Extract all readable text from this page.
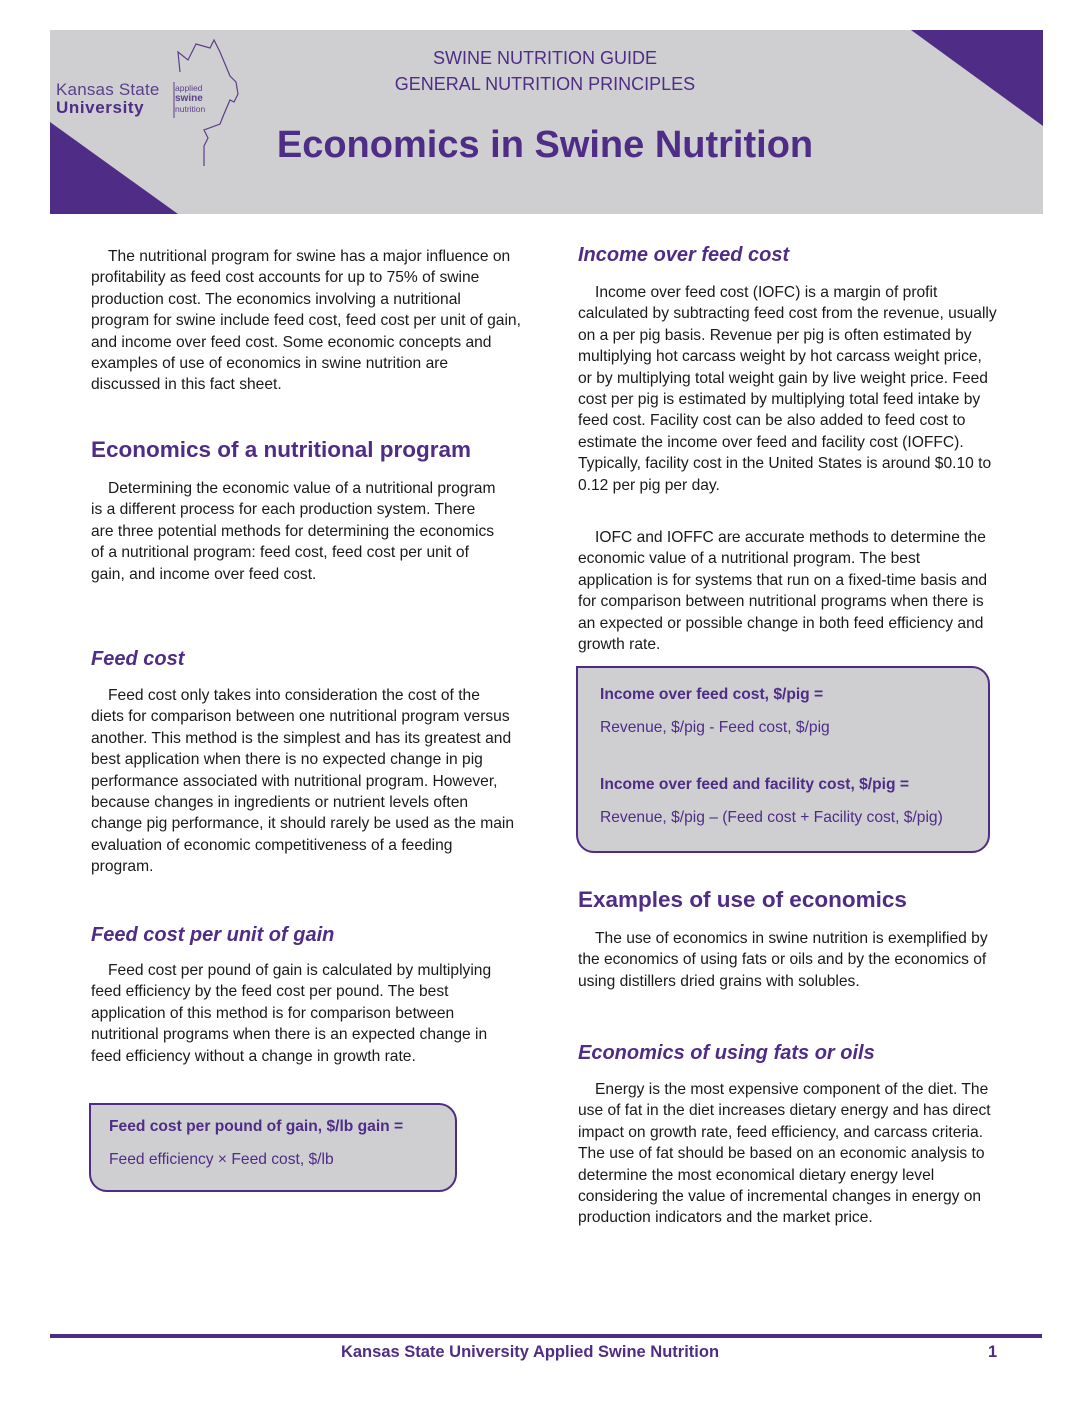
Kansas State
University
applied
swine
nutrition
SWINE NUTRITION GUIDE
GENERAL NUTRITION PRINCIPLES
Economics in Swine Nutrition

The nutritional program for swine has a major influence on profitability as feed cost accounts for up to 75% of swine production cost. The economics involving a nutritional program for swine include feed cost, feed cost per unit of gain, and income over feed cost. Some economic concepts and examples of use of economics in swine nutrition are discussed in this fact sheet.

Economics of a nutritional program

Determining the economic value of a nutritional program is a different process for each production system. There are three potential methods for determining the economics of a nutritional program: feed cost, feed cost per unit of gain, and income over feed cost.

Feed cost

Feed cost only takes into consideration the cost of the diets for comparison between one nutritional program versus another. This method is the simplest and has its greatest and best application when there is no expected change in pig performance associated with nutritional program. However, because changes in ingredients or nutrient levels often change pig performance, it should rarely be used as the main evaluation of economic competitiveness of a feeding program.

Feed cost per unit of gain

Feed cost per pound of gain is calculated by multiplying feed efficiency by the feed cost per pound. The best application of this method is for comparison between nutritional programs when there is an expected change in feed efficiency without a change in growth rate.

Feed cost per pound of gain, $/lb gain =
Feed efficiency × Feed cost, $/lb
Income over feed cost

Income over feed cost (IOFC) is a margin of profit calculated by subtracting feed cost from the revenue, usually on a per pig basis. Revenue per pig is often estimated by multiplying hot carcass weight by hot carcass weight price, or by multiplying total weight gain by live weight price. Feed cost per pig is estimated by multiplying total feed intake by feed cost. Facility cost can be also added to feed cost to estimate the income over feed and facility cost (IOFFC). Typically, facility cost in the United States is around $0.10 to 0.12 per pig per day.

IOFC and IOFFC are accurate methods to determine the economic value of a nutritional program. The best application is for systems that run on a fixed-time basis and for comparison between nutritional programs when there is an expected or possible change in both feed efficiency and growth rate.

Income over feed cost, $/pig =
Revenue, $/pig - Feed cost, $/pig
Income over feed and facility cost, $/pig =
Revenue, $/pig – (Feed cost + Facility cost, $/pig)
Examples of use of economics

The use of economics in swine nutrition is exemplified by the economics of using fats or oils and by the economics of using distillers dried grains with solubles.

Economics of using fats or oils

Energy is the most expensive component of the diet. The use of fat in the diet increases dietary energy and has direct impact on growth rate, feed efficiency, and carcass criteria. The use of fat should be based on an economic analysis to determine the most economical dietary energy level considering the value of incremental changes in energy on production indicators and the market price.

Kansas State University Applied Swine Nutrition	1
